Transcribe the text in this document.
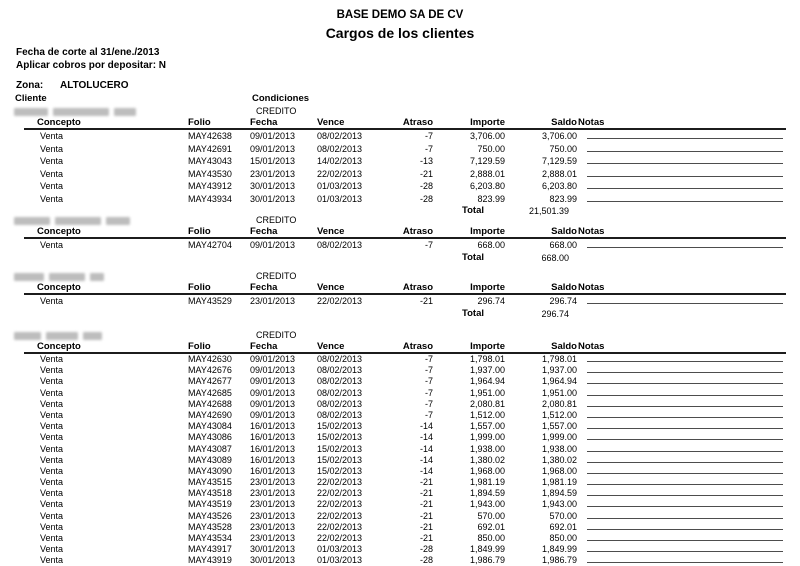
BASE DEMO SA DE CV
Cargos de los clientes
Fecha de corte al 31/ene./2013
Aplicar cobros por depositar: N
Zona: ALTOLUCERO
Cliente	Condiciones
CREDITO
Concepto	Folio	Fecha	Vence	Atraso	Importe	Saldo Notas
Venta	MAY42638 09/01/2013 08/02/2013	-7	3,706.00	3,706.00
Venta	MAY42691 09/01/2013 08/02/2013	-7	750.00	750.00
Venta	MAY43043 15/01/2013 14/02/2013	-13	7,129.59	7,129.59
Venta	MAY43530 23/01/2013 22/02/2013	-21	2,888.01	2,888.01
Venta	MAY43912 30/01/2013 01/03/2013	-28	6,203.80	6,203.80
Venta	MAY43934 30/01/2013 01/03/2013	-28	823.99	823.99
Total	21,501.39
CREDITO
Concepto	Folio	Fecha	Vence	Atraso	Importe	Saldo Notas
Venta	MAY42704 09/01/2013 08/02/2013	-7	668.00	668.00
Total	668.00
CREDITO
Concepto	Folio	Fecha	Vence	Atraso	Importe	Saldo Notas
Venta	MAY43529 23/01/2013 22/02/2013	-21	296.74	296.74
Total	296.74
CREDITO
Concepto	Folio	Fecha	Vence	Atraso	Importe	Saldo Notas
Venta	MAY42630 09/01/2013 08/02/2013	-7	1,798.01	1,798.01
Venta	MAY42676 09/01/2013 08/02/2013	-7	1,937.00	1,937.00
Venta	MAY42677 09/01/2013 08/02/2013	-7	1,964.94	1,964.94
Venta	MAY42685 09/01/2013 08/02/2013	-7	1,951.00	1,951.00
Venta	MAY42688 09/01/2013 08/02/2013	-7	2,080.81	2,080.81
Venta	MAY42690 09/01/2013 08/02/2013	-7	1,512.00	1,512.00
Venta	MAY43084 16/01/2013 15/02/2013	-14	1,557.00	1,557.00
Venta	MAY43086 16/01/2013 15/02/2013	-14	1,999.00	1,999.00
Venta	MAY43087 16/01/2013 15/02/2013	-14	1,938.00	1,938.00
Venta	MAY43089 16/01/2013 15/02/2013	-14	1,380.02	1,380.02
Venta	MAY43090 16/01/2013 15/02/2013	-14	1,968.00	1,968.00
Venta	MAY43515 23/01/2013 22/02/2013	-21	1,981.19	1,981.19
Venta	MAY43518 23/01/2013 22/02/2013	-21	1,894.59	1,894.59
Venta	MAY43519 23/01/2013 22/02/2013	-21	1,943.00	1,943.00
Venta	MAY43526 23/01/2013 22/02/2013	-21	570.00	570.00
Venta	MAY43528 23/01/2013 22/02/2013	-21	692.01	692.01
Venta	MAY43534 23/01/2013 22/02/2013	-21	850.00	850.00
Venta	MAY43917 30/01/2013 01/03/2013	-28	1,849.99	1,849.99
Venta	MAY43919 30/01/2013 01/03/2013	-28	1,986.79	1,986.79
